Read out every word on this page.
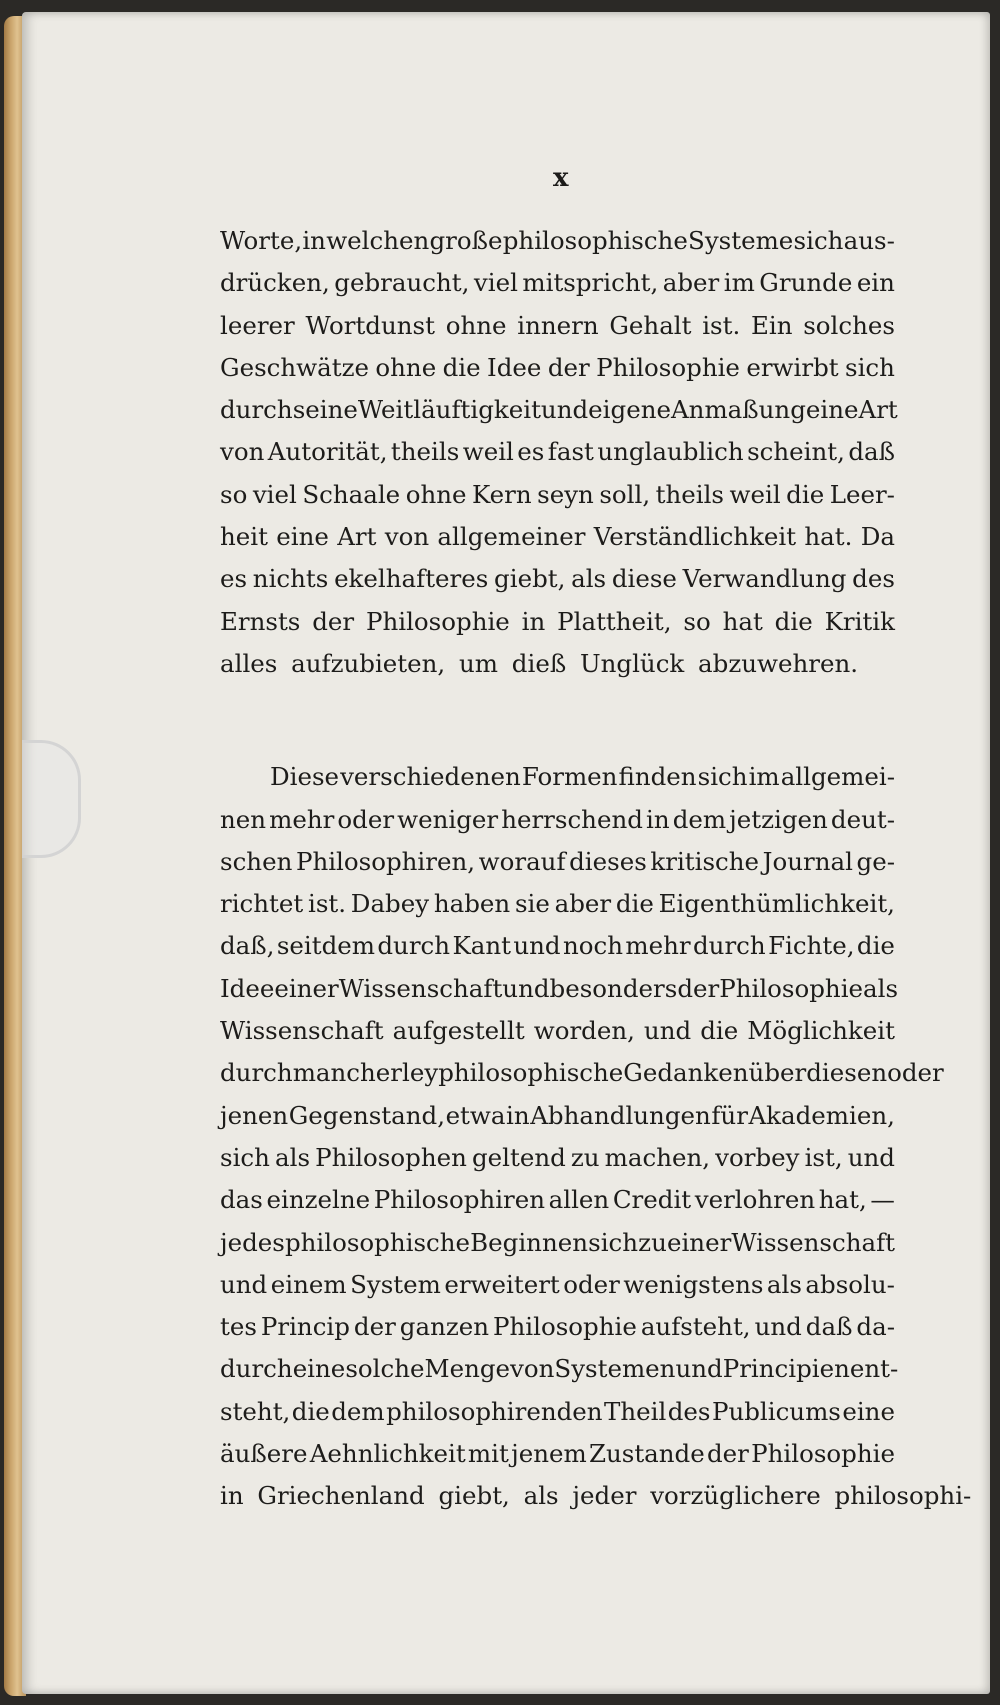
x
Worte, in welchen große philosophische Systeme sich aus-
drücken, gebraucht, viel mitspricht, aber im Grunde ein
leerer Wortdunst ohne innern Gehalt ist. Ein solches
Geschwätze ohne die Idee der Philosophie erwirbt sich
durch seine Weitläuftigkeit und eigene Anmaßung eine Art
von Autorität, theils weil es fast unglaublich scheint, daß
so viel Schaale ohne Kern seyn soll, theils weil die Leer-
heit eine Art von allgemeiner Verständlichkeit hat. Da
es nichts ekelhafteres giebt, als diese Verwandlung des
Ernsts der Philosophie in Plattheit, so hat die Kritik
alles aufzubieten, um dieß Unglück abzuwehren.
Diese verschiedenen Formen finden sich im allgemei-
nen mehr oder weniger herrschend in dem jetzigen deut-
schen Philosophiren, worauf dieses kritische Journal ge-
richtet ist. Dabey haben sie aber die Eigenthümlichkeit,
daß, seitdem durch Kant und noch mehr durch Fichte, die
Idee einer Wissenschaft und besonders der Philosophie als
Wissenschaft aufgestellt worden, und die Möglichkeit
durch mancherley philosophische Gedanken über diesen oder
jenen Gegenstand, etwa in Abhandlungen für Akademien,
sich als Philosophen geltend zu machen, vorbey ist, und
das einzelne Philosophiren allen Credit verlohren hat, —
jedes philosophische Beginnen sich zu einer Wissenschaft
und einem System erweitert oder wenigstens als absolu-
tes Princip der ganzen Philosophie aufsteht, und daß da-
durch eine solche Menge von Systemen und Principien ent-
steht, die dem philosophirenden Theil des Publicums eine
äußere Aehnlichkeit mit jenem Zustande der Philosophie
in Griechenland giebt, als jeder vorzüglichere philosophi-
